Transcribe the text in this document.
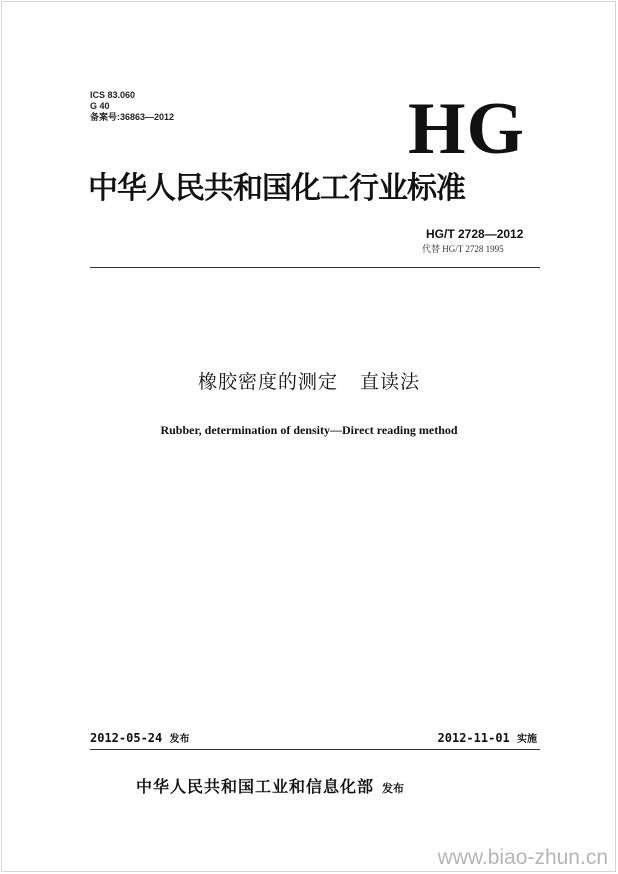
ICS 83.060
G 40
备案号:36863—2012	HG
中华人民共和国化工行业标准
HG/T 2728—2012
代替 HG/T 2728 1995
橡胶密度的测定 直读法
Rubber, determination of density—Direct reading method
2012-05-24 发布	2012-11-01 实施
中华人民共和国工业和信息化部 发布
www.biao-zhun.cn
